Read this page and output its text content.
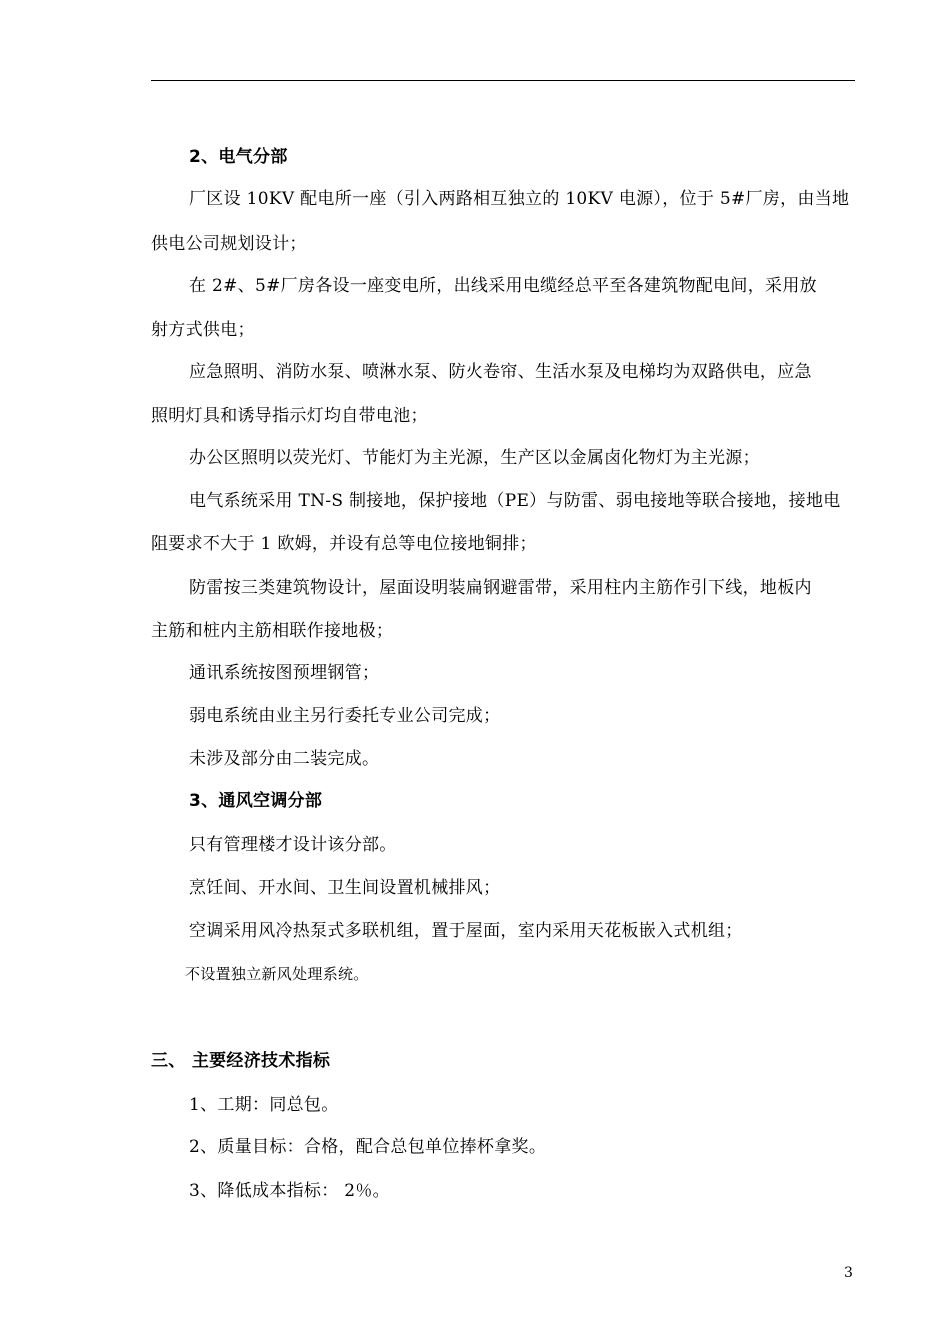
2、电气分部
厂区设 10KV 配电所一座（引入两路相互独立的 10KV 电源），位于 5#厂房，由当地
供电公司规划设计；
在 2#、5#厂房各设一座变电所，出线采用电缆经总平至各建筑物配电间，采用放
射方式供电；
应急照明、消防水泵、喷淋水泵、防火卷帘、生活水泵及电梯均为双路供电，应急
照明灯具和诱导指示灯均自带电池；
办公区照明以荧光灯、节能灯为主光源，生产区以金属卤化物灯为主光源；
电气系统采用 TN-S 制接地，保护接地（PE）与防雷、弱电接地等联合接地，接地电
阻要求不大于 1 欧姆，并设有总等电位接地铜排；
防雷按三类建筑物设计，屋面设明装扁钢避雷带，采用柱内主筋作引下线，地板内
主筋和桩内主筋相联作接地极；
通讯系统按图预埋钢管；
弱电系统由业主另行委托专业公司完成；
未涉及部分由二装完成。
3、通风空调分部
只有管理楼才设计该分部。
烹饪间、开水间、卫生间设置机械排风；
空调采用风冷热泵式多联机组，置于屋面，室内采用天花板嵌入式机组；
不设置独立新风处理系统。
三、 主要经济技术指标
1、工期：同总包。
2、质量目标：合格，配合总包单位捧杯拿奖。
3、降低成本指标： 2％。
3
